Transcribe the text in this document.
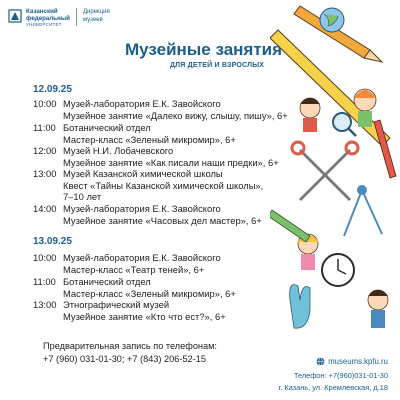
Казанский
федеральный
УНИВЕРСИТЕТ
Дирекция
музеев
Музейные занятия
ДЛЯ ДЕТЕЙ И ВЗРОСЛЫХ
12.09.25
10:00 Музей-лаборатория Е.К. Завойского
Музейное занятие «Далеко вижу, слышу, пишу», 6+
11:00 Ботанический отдел
Мастер-класс «Зеленый микромир», 6+
12:00 Музей Н.И. Лобачевского
Музейное занятие «Как писали наши предки», 6+
13:00 Музей Казанской химической школы
Квест «Тайны Казанской химической школы»,
7–10 лет
14:00 Музей-лаборатория Е.К. Завойского
Музейное занятие «Часовых дел мастер», 6+
13.09.25
10:00 Музей-лаборатория Е.К. Завойского
Мастер-класс «Театр теней», 6+
11:00 Ботанический отдел
Мастер-класс «Зеленый микромир», 6+
13:00 Этнографический музей
Музейное занятие «Кто что ест?», 6+
Предварительная запись по телефонам:
+7 (960) 031-01-30; +7 (843) 206-52-15	museums.kpfu.ru
Телефон: +7(960)031-01-30
г. Казань, ул. Кремлевская, д.18
